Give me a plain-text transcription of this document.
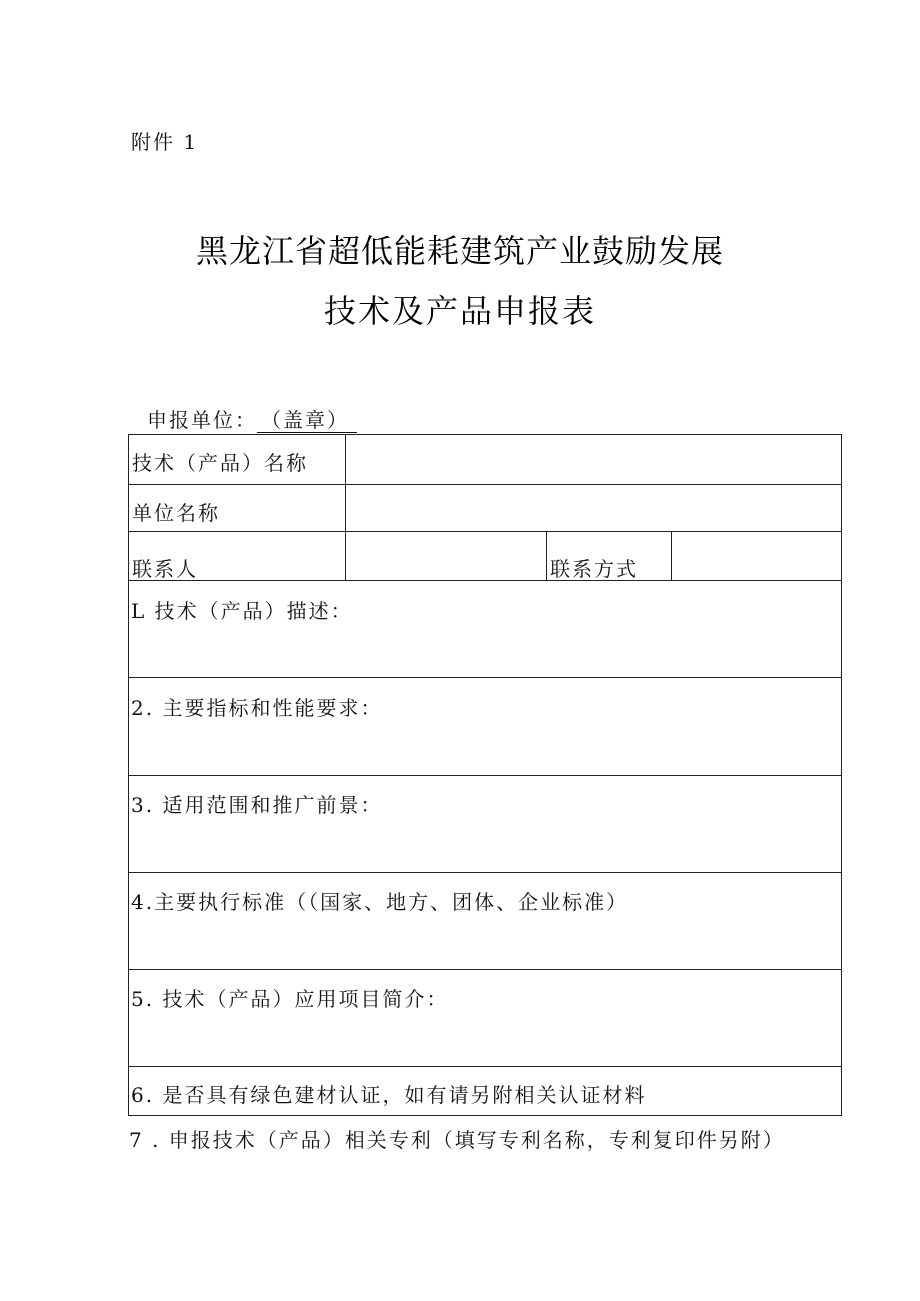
附件 1
黑龙江省超低能耗建筑产业鼓励发展
技术及产品申报表
申报单位： （盖章）
技术（产品）名称
单位名称
联系人	联系方式
L 技术（产品）描述：
2. 主要指标和性能要求：
3. 适用范围和推广前景：
4.主要执行标准（（国家、地方、团体、企业标准）
5. 技术（产品）应用项目简介：
6. 是否具有绿色建材认证，如有请另附相关认证材料
7 . 申报技术（产品）相关专利（填写专利名称，专利复印件另附）
